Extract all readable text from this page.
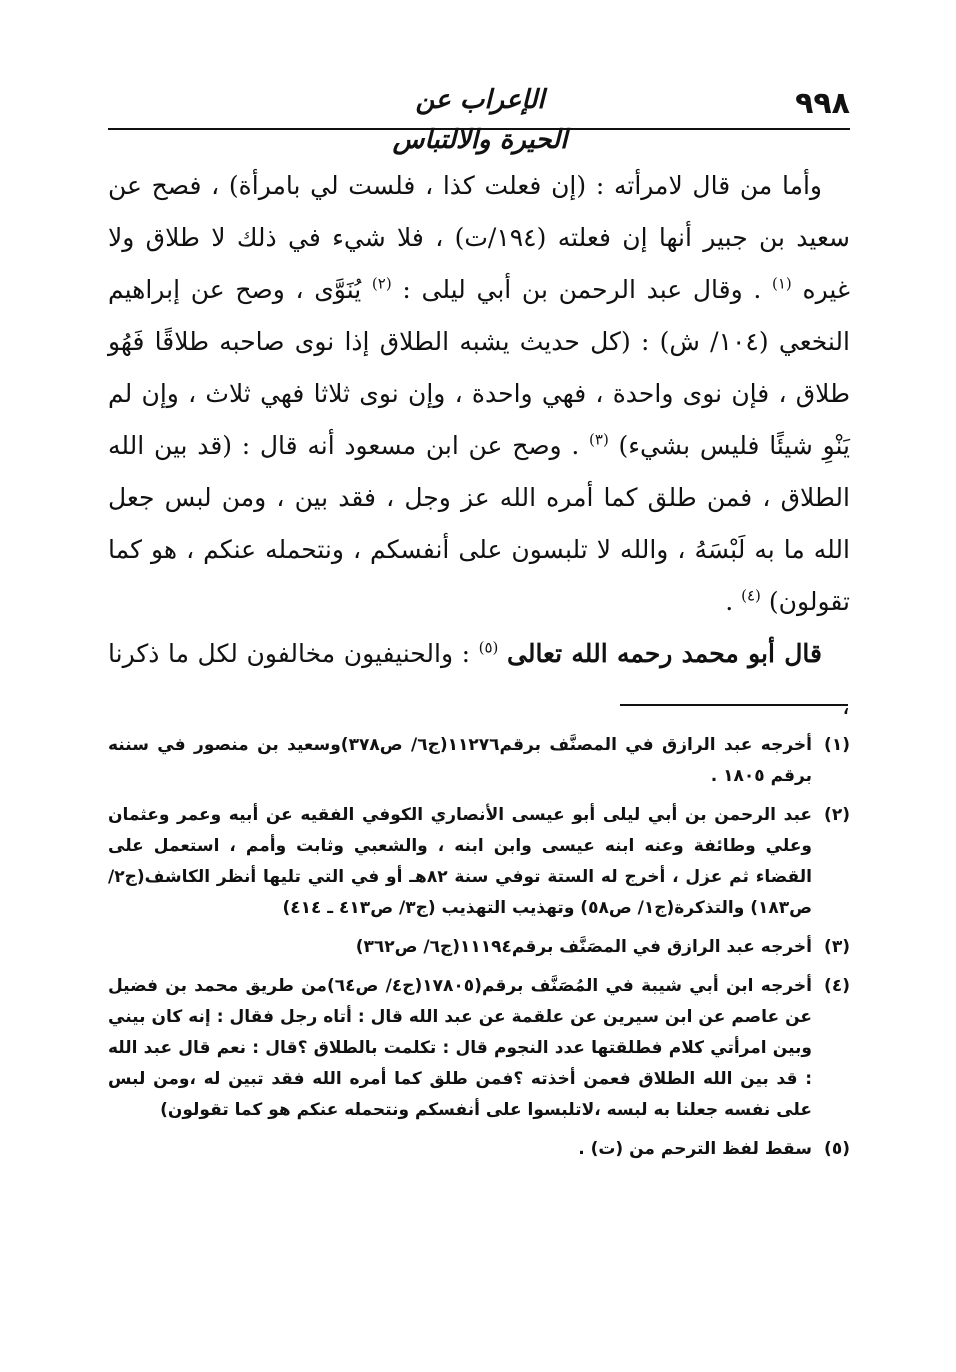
٩٩٨
الإعراب عن الحيرة والالتباس

وأما من قال لامرأته : (إن فعلت كذا ، فلست لي بامرأة) ، فصح عن سعيد بن جبير أنها إن فعلته (١٩٤/ت) ، فلا شيء في ذلك لا طلاق ولا غيره $^{(١)}$ . وقال عبد الرحمن بن أبي ليلى : $^{(٢)}$ يُنَوَّى ، وصح عن إبراهيم النخعي (١٠٤/ ش) : (كل حديث يشبه الطلاق إذا نوى صاحبه طلاقًا فَهُو طلاق ، فإن نوى واحدة ، فهي واحدة ، وإن نوى ثلاثا فهي ثلاث ، وإن لم يَنْوِ شيئًا فليس بشيء) $^{(٣)}$ . وصح عن ابن مسعود أنه قال : (قد بين الله الطلاق ، فمن طلق كما أمره الله عز وجل ، فقد بين ، ومن لبس جعل الله ما به لَبْسَهُ ، والله لا تلبسون على أنفسكم ، ونتحمله عنكم ، هو كما تقولون) $^{(٤)}$ .

قال أبو محمد رحمه الله تعالى $^{(٥)}$ : والحنيفيون مخالفون لكل ما ذكرنا ،

(١)
أخرجه عبد الرازق في المصنَّف برقم١١٢٧٦(ج٦/ ص٣٧٨)وسعيد بن منصور في سننه برقم ١٨٠٥ .
(٢)
عبد الرحمن بن أبي ليلى أبو عيسى الأنصاري الكوفي الفقيه عن أبيه وعمر وعثمان وعلي وطائفة وعنه ابنه عيسى وابن ابنه ، والشعبي وثابت وأمم ، استعمل على القضاء ثم عزل ، أخرج له الستة توفي سنة ٨٢هـ أو في التي تليها أنظر الكاشف(ج٢/ ص١٨٣) والتذكرة(ج١/ ص٥٨) وتهذيب التهذيب (ج٣/ ص٤١٣ ـ ٤١٤)
(٣)
أخرجه عبد الرازق في المصَنَّف برقم١١١٩٤(ج٦/ ص٣٦٢)
(٤)
أخرجه ابن أبي شيبة في المُصَنَّف برقم(١٧٨٠٥(ج٤/ ص٦٤)من طريق محمد بن فضيل عن عاصم عن ابن سيرين عن علقمة عن عبد الله قال : أتاه رجل فقال : إنه كان بيني وبين امرأتي كلام فطلقتها عدد النجوم قال : تكلمت بالطلاق ؟قال : نعم قال عبد الله : قد بين الله الطلاق فعمن أخذته ؟فمن طلق كما أمره الله فقد تبين له ،ومن لبس على نفسه جعلنا به لبسه ،لاتلبسوا على أنفسكم ونتحمله عنكم هو كما تقولون)
(٥)
سقط لفظ الترحم من (ت) .
